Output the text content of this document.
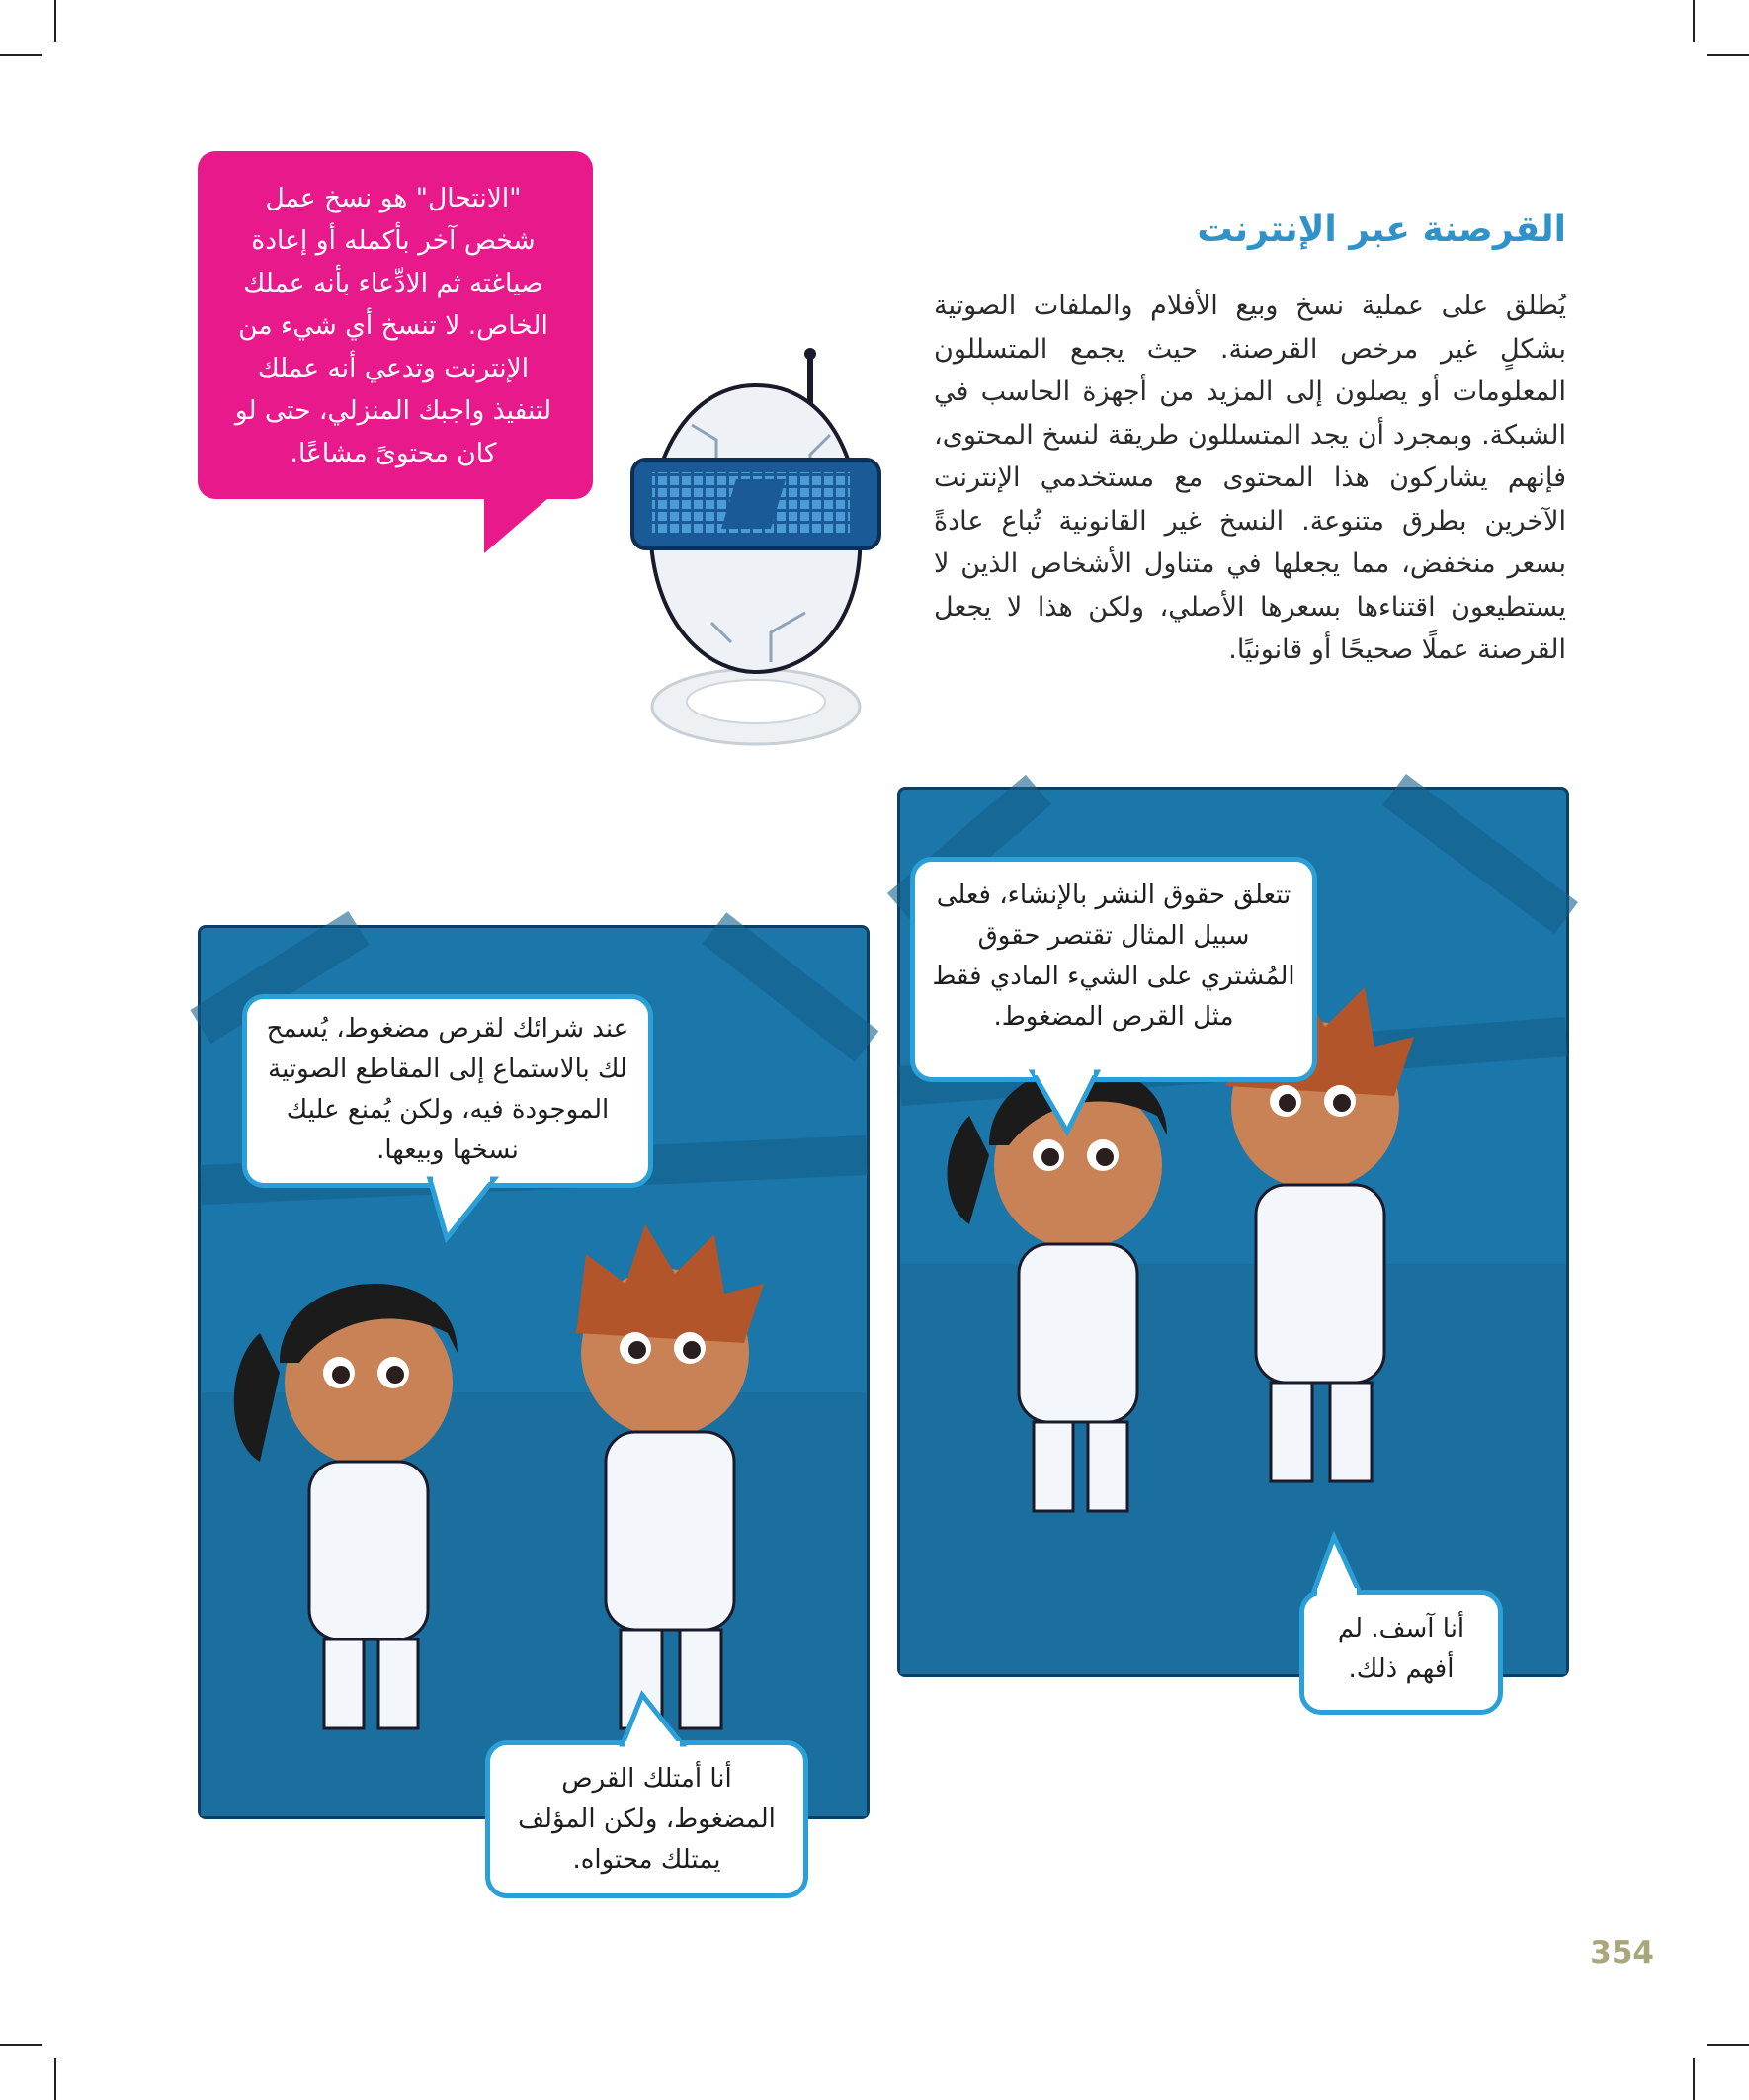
القرصنة عبر الإنترنت

يُطلق على عملية نسخ وبيع الأفلام والملفات الصوتية بشكلٍ غير مرخص القرصنة. حيث يجمع المتسللون المعلومات أو يصلون إلى المزيد من أجهزة الحاسب في الشبكة. وبمجرد أن يجد المتسللون طريقة لنسخ المحتوى، فإنهم يشاركون هذا المحتوى مع مستخدمي الإنترنت الآخرين بطرق متنوعة. النسخ غير القانونية تُباع عادةً بسعر منخفض، مما يجعلها في متناول الأشخاص الذين لا يستطيعون اقتناءها بسعرها الأصلي، ولكن هذا لا يجعل القرصنة عملًا صحيحًا أو قانونيًا.

"الانتحال" هو نسخ عمل شخص آخر بأكمله أو إعادة صياغته ثم الادِّعاء بأنه عملك الخاص. لا تنسخ أي شيء من الإنترنت وتدعي أنه عملك لتنفيذ واجبك المنزلي، حتى لو كان محتوىً مشاعًا.
تتعلق حقوق النشر بالإنشاء، فعلى سبيل المثال تقتصر حقوق المُشتري على الشيء المادي فقط مثل القرص المضغوط.
أنا آسف. لم أفهم ذلك.
عند شرائك لقرص مضغوط، يُسمح لك بالاستماع إلى المقاطع الصوتية الموجودة فيه، ولكن يُمنع عليك نسخها وبيعها.
أنا أمتلك القرص المضغوط، ولكن المؤلف يمتلك محتواه.
354
